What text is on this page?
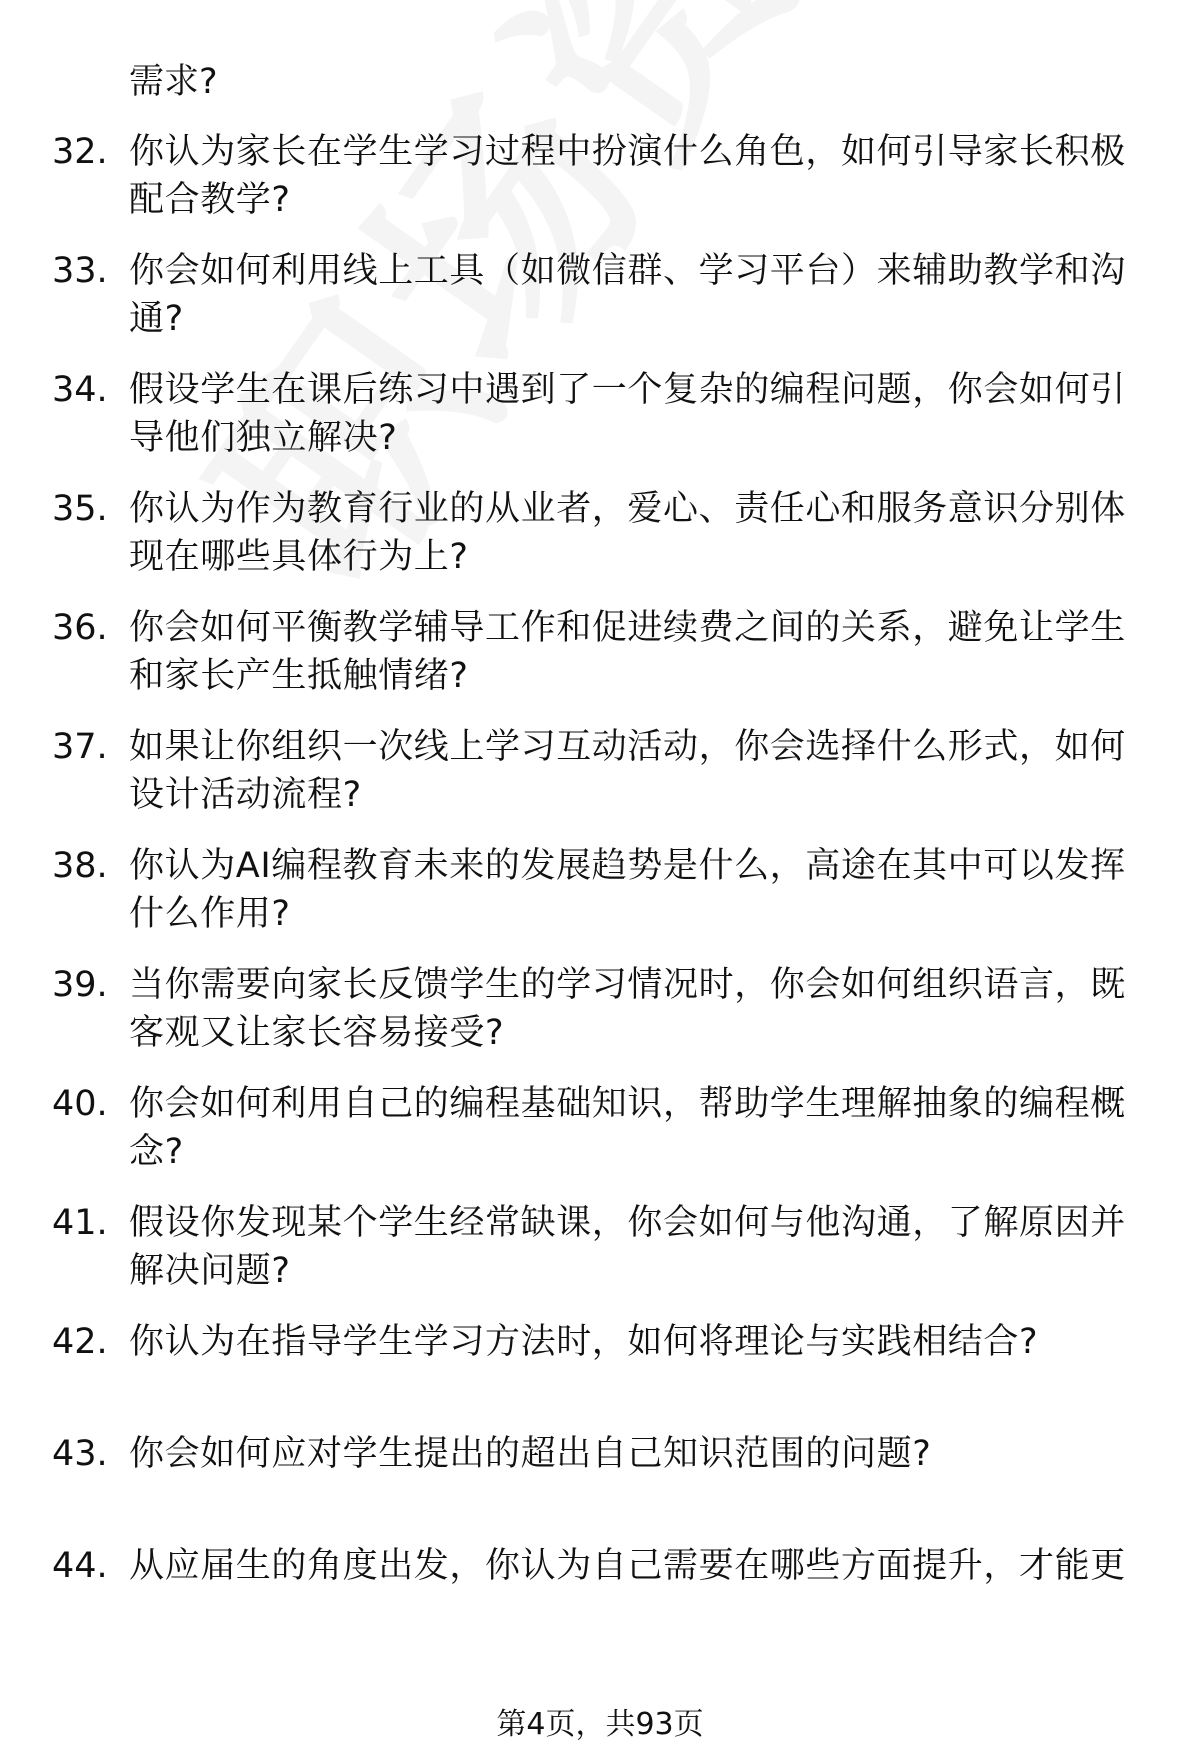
需求?
32. 你认为家长在学生学习过程中扮演什么角色，如何引导家长积极
配合教学?
33. 你会如何利用线上工具（如微信群、学习平台）来辅助教学和沟
通?
34. 假设学生在课后练习中遇到了一个复杂的编程问题，你会如何引
导他们独立解决?
35. 你认为作为教育行业的从业者，爱心、责任心和服务意识分别体
现在哪些具体行为上?
36. 你会如何平衡教学辅导工作和促进续费之间的关系，避免让学生
和家长产生抵触情绪?
37. 如果让你组织一次线上学习互动活动，你会选择什么形式，如何
设计活动流程?
38. 你认为AI编程教育未来的发展趋势是什么，高途在其中可以发挥
什么作用?
39. 当你需要向家长反馈学生的学习情况时，你会如何组织语言，既
客观又让家长容易接受?
40. 你会如何利用自己的编程基础知识，帮助学生理解抽象的编程概
念?
41. 假设你发现某个学生经常缺课，你会如何与他沟通，了解原因并
解决问题?
42. 你认为在指导学生学习方法时，如何将理论与实践相结合?
43. 你会如何应对学生提出的超出自己知识范围的问题?
44. 从应届生的角度出发，你认为自己需要在哪些方面提升，才能更
第4页，共93页
